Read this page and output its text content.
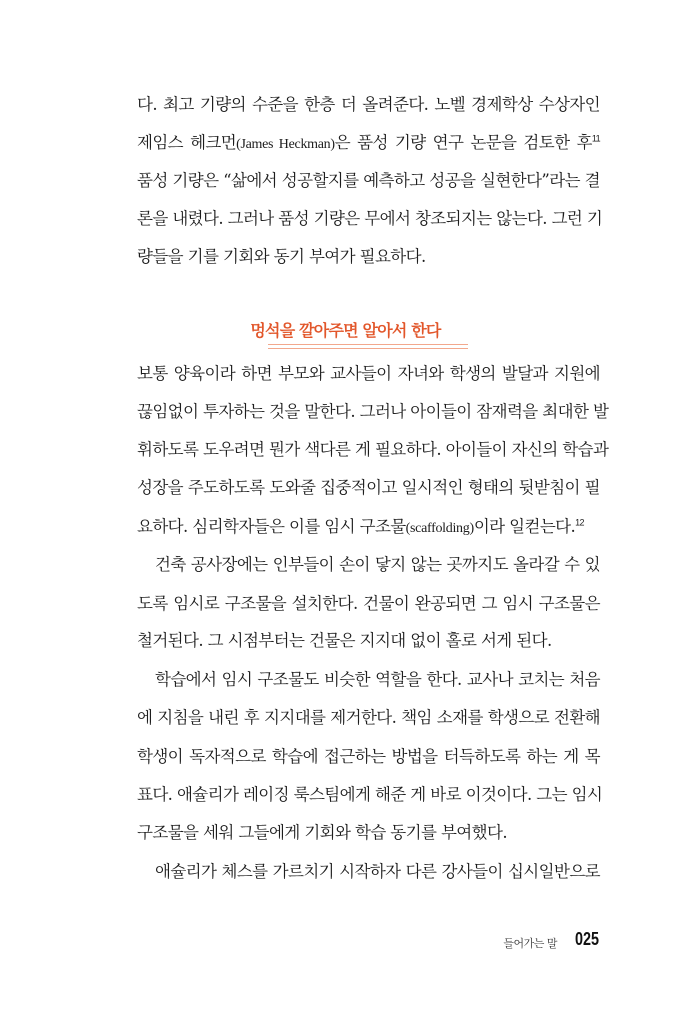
다. 최고 기량의 수준을 한층 더 올려준다. 노벨 경제학상 수상자인
제임스 헤크먼(James Heckman)은 품성 기량 연구 논문을 검토한 후$^{11}$
품성 기량은 “삶에서 성공할지를 예측하고 성공을 실현한다”라는 결
론을 내렸다. 그러나 품성 기량은 무에서 창조되지는 않는다. 그런 기
량들을 기를 기회와 동기 부여가 필요하다.
멍석을 깔아주면 알아서 한다
보통 양육이라 하면 부모와 교사들이 자녀와 학생의 발달과 지원에
끊임없이 투자하는 것을 말한다. 그러나 아이들이 잠재력을 최대한 발
휘하도록 도우려면 뭔가 색다른 게 필요하다. 아이들이 자신의 학습과
성장을 주도하도록 도와줄 집중적이고 일시적인 형태의 뒷받침이 필
요하다. 심리학자들은 이를 임시 구조물(scaffolding)이라 일컫는다.$^{12}$
건축 공사장에는 인부들이 손이 닿지 않는 곳까지도 올라갈 수 있
도록 임시로 구조물을 설치한다. 건물이 완공되면 그 임시 구조물은
철거된다. 그 시점부터는 건물은 지지대 없이 홀로 서게 된다.
학습에서 임시 구조물도 비슷한 역할을 한다. 교사나 코치는 처음
에 지침을 내린 후 지지대를 제거한다. 책임 소재를 학생으로 전환해
학생이 독자적으로 학습에 접근하는 방법을 터득하도록 하는 게 목
표다. 애슐리가 레이징 룩스팀에게 해준 게 바로 이것이다. 그는 임시
구조물을 세워 그들에게 기회와 학습 동기를 부여했다.
애슐리가 체스를 가르치기 시작하자 다른 강사들이 십시일반으로
들어가는 말 025
